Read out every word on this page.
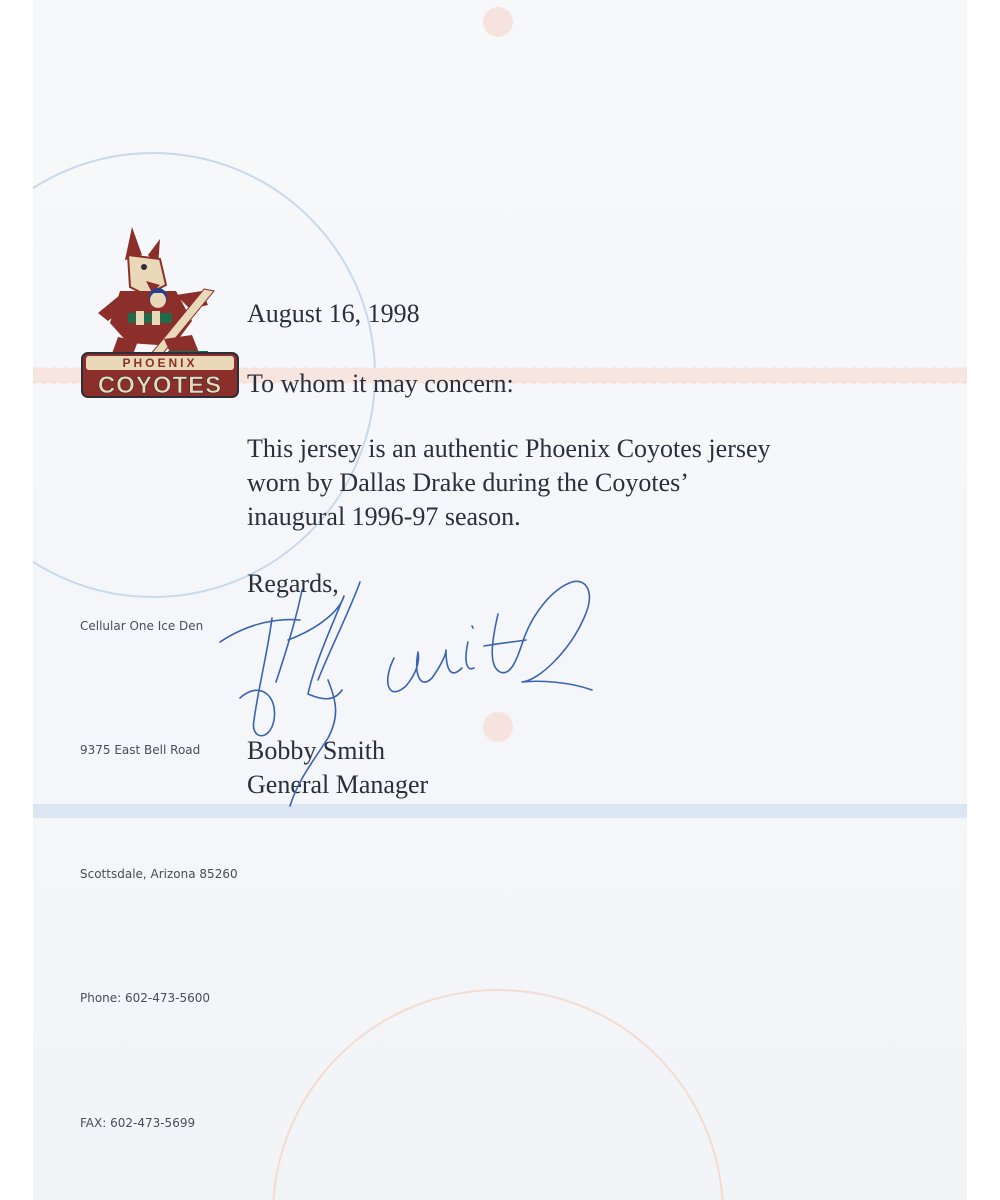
PHOENIX
COYOTES

August 16, 1998

To whom it may concern:

This jersey is an authentic Phoenix Coyotes jersey

worn by Dallas Drake during the Coyotes’

inaugural 1996-97 season.

Regards,

Bobby Smith

General Manager

Cellular One Ice Den
9375 East Bell Road
Scottsdale, Arizona 85260
Phone: 602-473-5600
FAX: 602-473-5699
